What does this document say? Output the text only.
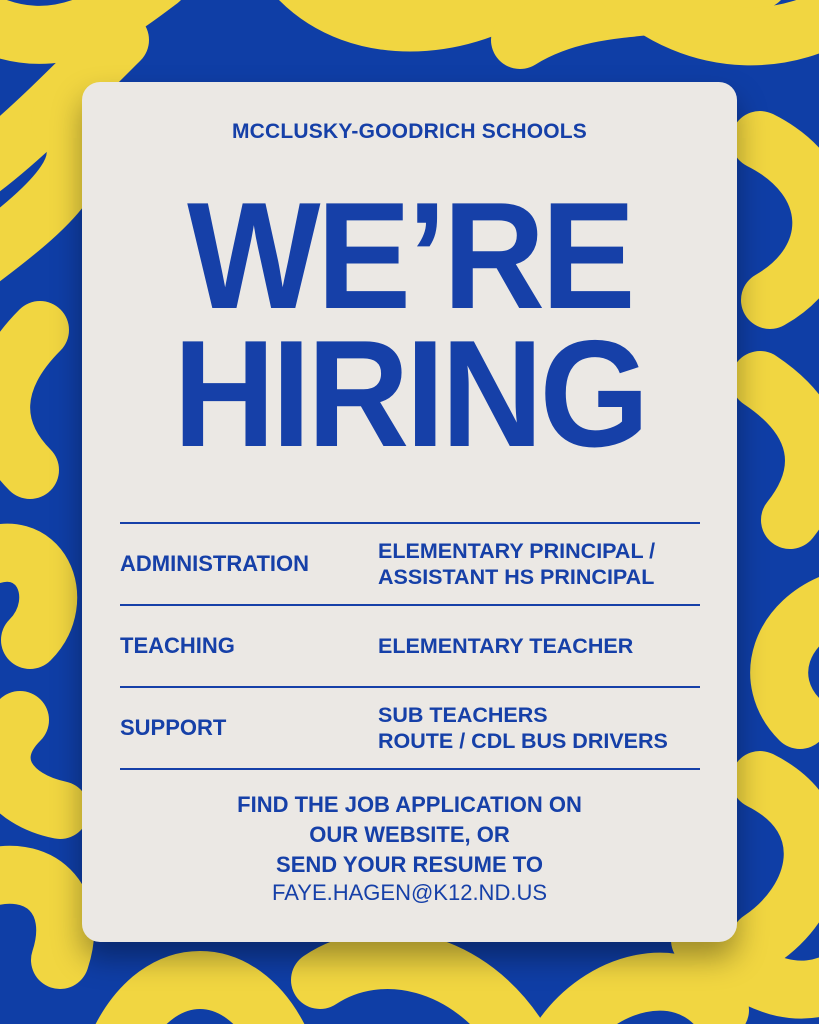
MCCLUSKY-GOODRICH SCHOOLS
WE’RE
HIRING
ADMINISTRATION	ELEMENTARY PRINCIPAL /
ASSISTANT HS PRINCIPAL
TEACHING	ELEMENTARY TEACHER
SUPPORT	SUB TEACHERS
ROUTE / CDL BUS DRIVERS
FIND THE JOB APPLICATION ON
OUR WEBSITE, OR
SEND YOUR RESUME TO
FAYE.HAGEN@K12.ND.US
